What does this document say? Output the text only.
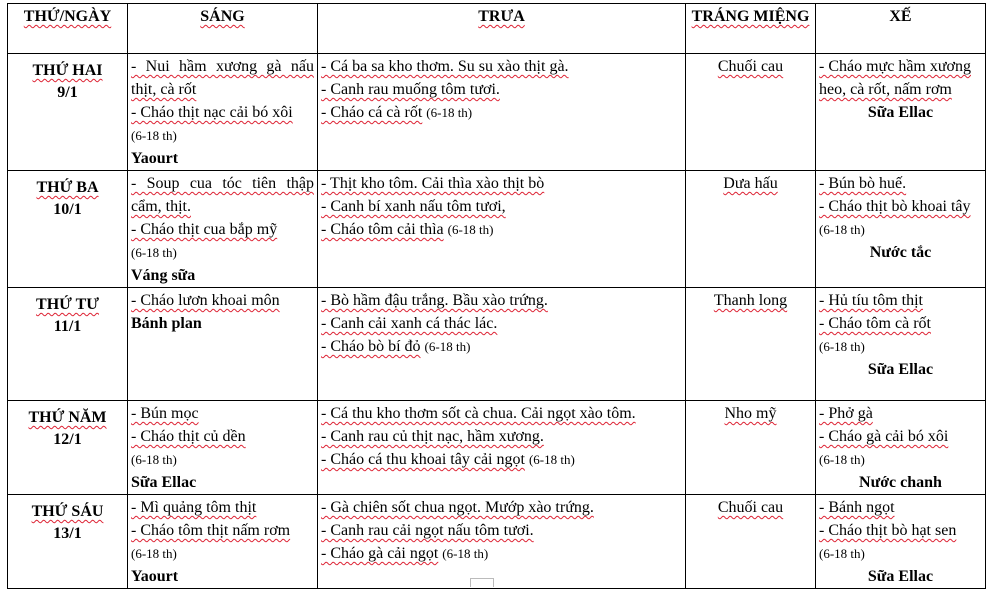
THỨ/NGÀY	SÁNG	TRƯA	TRÁNG MIỆNG	XẾ

THỨ HAI
9/1	- Nui hầm xương gà nấu thịt, cà rốt
- Cháo thịt nạc cải bó xôi
(6-18 th)
Yaourt	- Cá ba sa kho thơm. Su su xào thịt gà.
- Canh rau muống tôm tươi.
- Cháo cá cà rốt (6-18 th)	Chuối cau	- Cháo mực hầm xương heo, cà rốt, nấm rơm
Sữa Ellac

THỨ BA
10/1	- Soup cua tóc tiên thập cẩm, thịt.
- Cháo thịt cua bắp mỹ
(6-18 th)
Váng sữa	- Thịt kho tôm. Cải thìa xào thịt bò
- Canh bí xanh nấu tôm tươi,
- Cháo tôm cải thìa (6-18 th)	Dưa hấu	- Bún bò huế.
- Cháo thịt bò khoai tây
(6-18 th)
Nước tắc

THỨ TƯ
11/1	- Cháo lươn khoai môn
Bánh plan	- Bò hầm đậu trắng. Bầu xào trứng.
- Canh cải xanh cá thác lác.
- Cháo bò bí đỏ (6-18 th)	Thanh long	- Hủ tíu tôm thịt
- Cháo tôm cà rốt
(6-18 th)
Sữa Ellac

THỨ NĂM
12/1	- Bún mọc
- Cháo thịt củ dền
(6-18 th)
Sữa Ellac	- Cá thu kho thơm sốt cà chua. Cải ngọt xào tôm.
- Canh rau củ thịt nạc, hầm xương.
- Cháo cá thu khoai tây cải ngọt (6-18 th)	Nho mỹ	- Phở gà
- Cháo gà cải bó xôi
(6-18 th)
Nước chanh

THỨ SÁU
13/1	- Mì quảng tôm thịt
- Cháo tôm thịt nấm rơm
(6-18 th)
Yaourt	- Gà chiên sốt chua ngọt. Mướp xào trứng.
- Canh rau cải ngọt nấu tôm tươi.
- Cháo gà cải ngọt (6-18 th)	Chuối cau	- Bánh ngọt
- Cháo thịt bò hạt sen
(6-18 th)
Sữa Ellac
